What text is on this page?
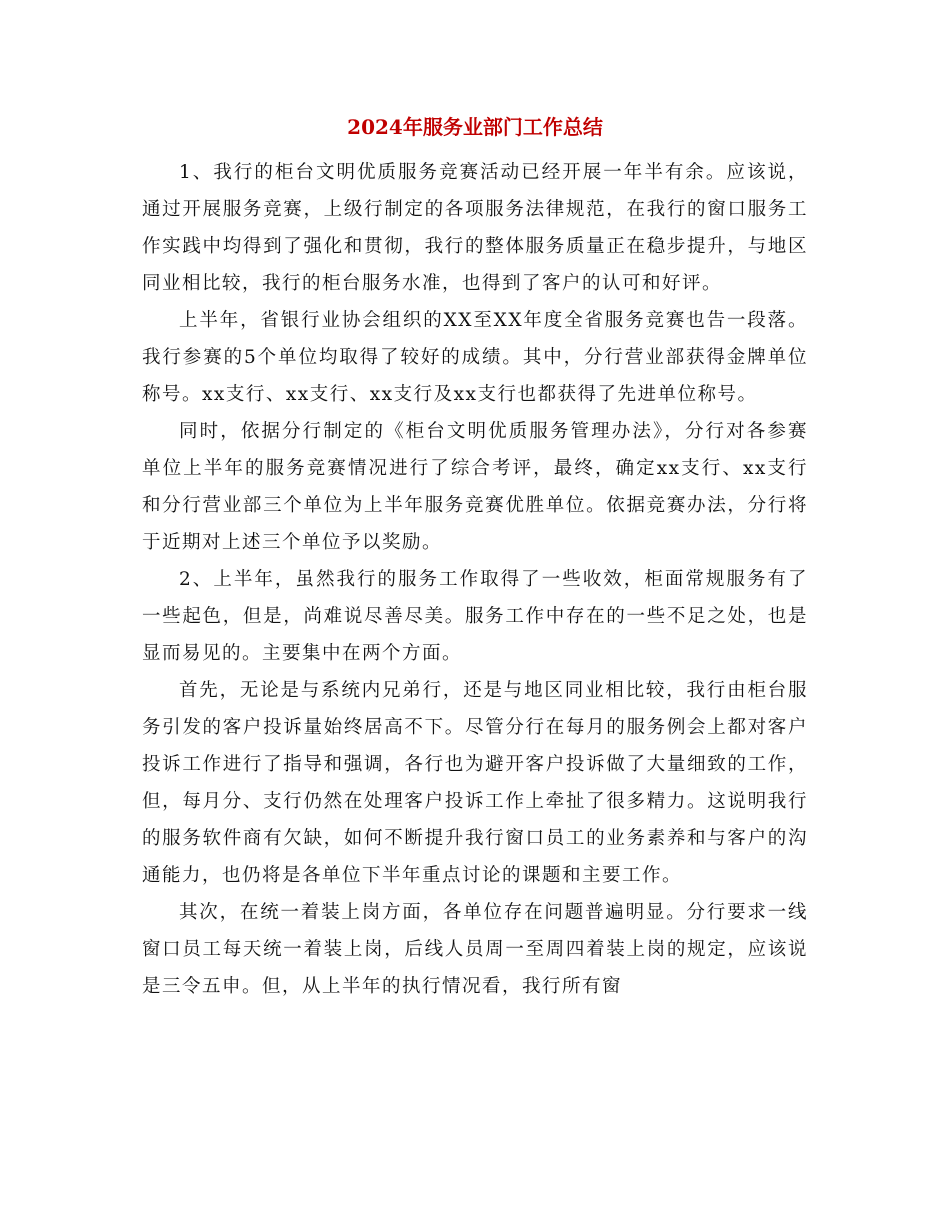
2024年服务业部门工作总结

1、我行的柜台文明优质服务竞赛活动已经开展一年半有余。应该说，通过开展服务竞赛，上级行制定的各项服务法律规范，在我行的窗口服务工作实践中均得到了强化和贯彻，我行的整体服务质量正在稳步提升，与地区同业相比较，我行的柜台服务水准，也得到了客户的认可和好评。

上半年，省银行业协会组织的XX至XX年度全省服务竞赛也告一段落。我行参赛的5个单位均取得了较好的成绩。其中，分行营业部获得金牌单位称号。xx支行、xx支行、xx支行及xx支行也都获得了先进单位称号。

同时，依据分行制定的《柜台文明优质服务管理办法》，分行对各参赛单位上半年的服务竞赛情况进行了综合考评，最终，确定xx支行、xx支行和分行营业部三个单位为上半年服务竞赛优胜单位。依据竞赛办法，分行将于近期对上述三个单位予以奖励。

2、上半年，虽然我行的服务工作取得了一些收效，柜面常规服务有了一些起色，但是，尚难说尽善尽美。服务工作中存在的一些不足之处，也是显而易见的。主要集中在两个方面。

首先，无论是与系统内兄弟行，还是与地区同业相比较，我行由柜台服务引发的客户投诉量始终居高不下。尽管分行在每月的服务例会上都对客户投诉工作进行了指导和强调，各行也为避开客户投诉做了大量细致的工作，但，每月分、支行仍然在处理客户投诉工作上牵扯了很多精力。这说明我行的服务软件商有欠缺，如何不断提升我行窗口员工的业务素养和与客户的沟通能力，也仍将是各单位下半年重点讨论的课题和主要工作。

其次，在统一着装上岗方面，各单位存在问题普遍明显。分行要求一线窗口员工每天统一着装上岗，后线人员周一至周四着装上岗的规定，应该说是三令五申。但，从上半年的执行情况看，我行所有窗
